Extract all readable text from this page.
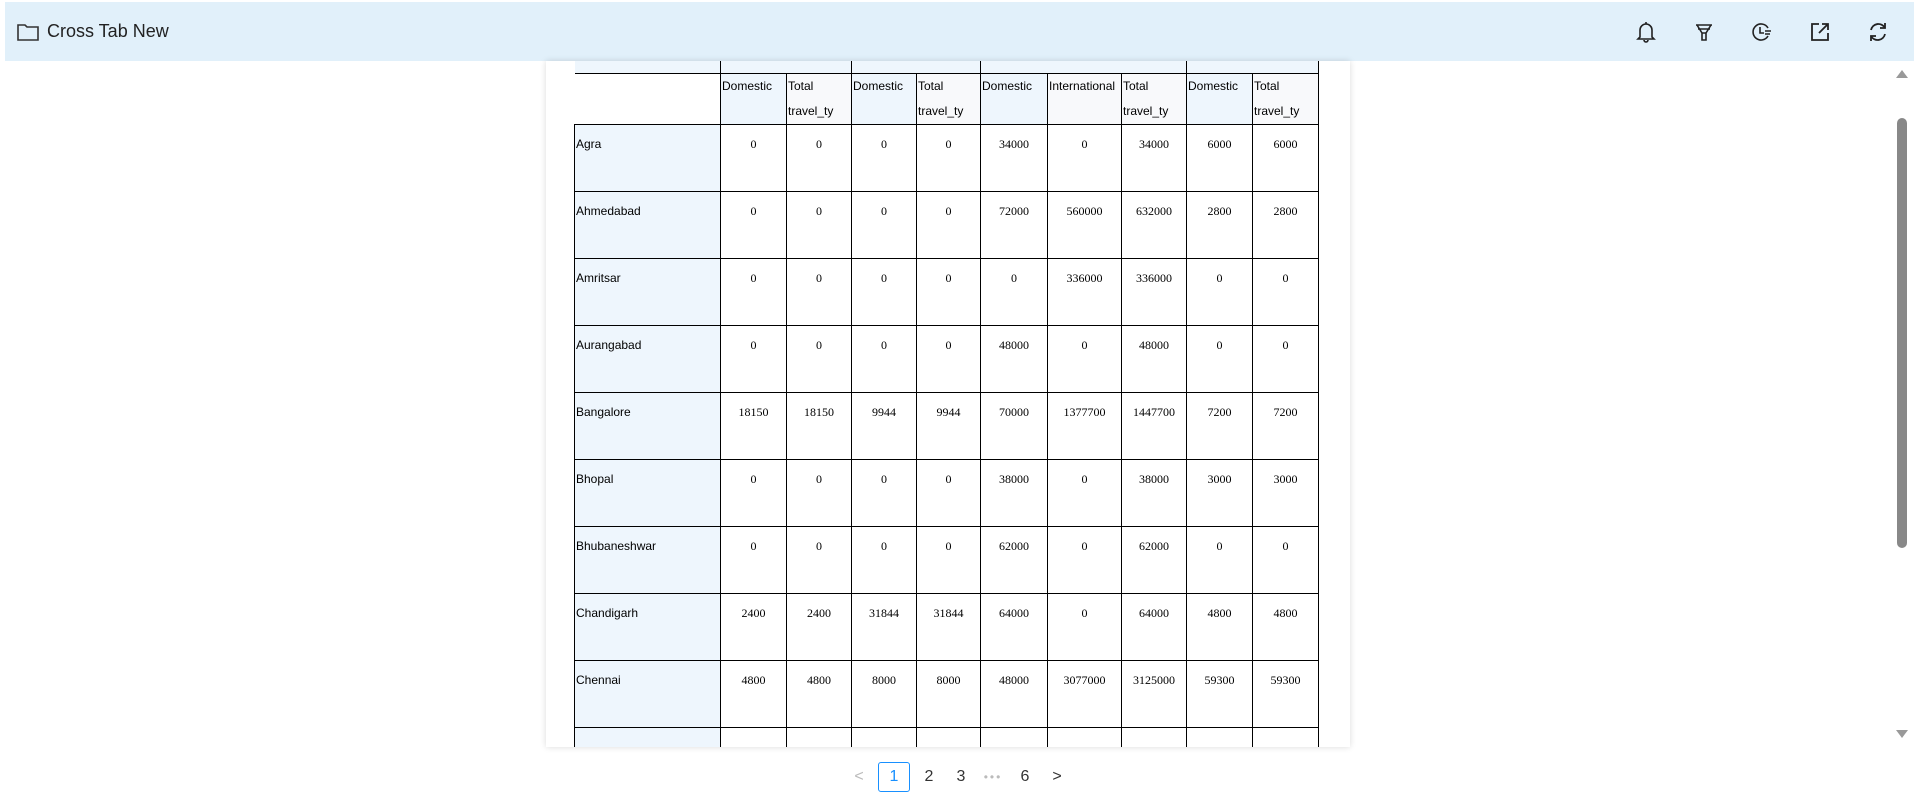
Cross Tab New

	Domestic	Total travel_ty	Domestic	Total travel_ty	Domestic	International	Total travel_ty	Domestic	Total travel_ty
Agra	0	0	0	0	34000	0	34000	6000	6000
Ahmedabad	0	0	0	0	72000	560000	632000	2800	2800
Amritsar	0	0	0	0	0	336000	336000	0	0
Aurangabad	0	0	0	0	48000	0	48000	0	0
Bangalore	18150	18150	9944	9944	70000	1377700	1447700	7200	7200
Bhopal	0	0	0	0	38000	0	38000	3000	3000
Bhubaneshwar	0	0	0	0	62000	0	62000	0	0
Chandigarh	2400	2400	31844	31844	64000	0	64000	4800	4800
Chennai	4800	4800	8000	8000	48000	3077000	3125000	59300	59300

<	1	2	3	•••	6	>
